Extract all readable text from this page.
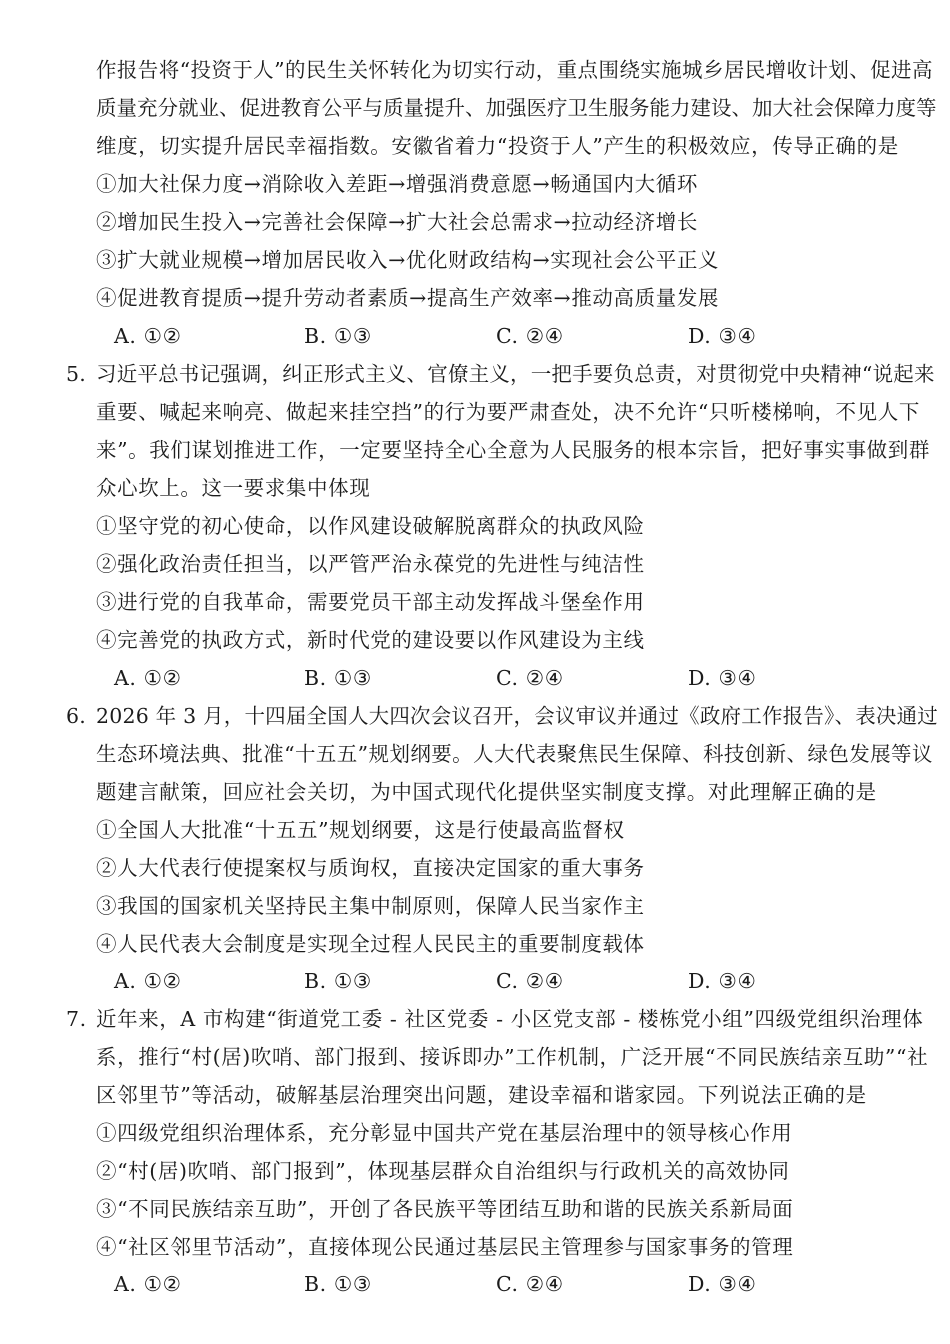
作报告将“投资于人”的民生关怀转化为切实行动，重点围绕实施城乡居民增收计划、促进高
质量充分就业、促进教育公平与质量提升、加强医疗卫生服务能力建设、加大社会保障力度等
维度，切实提升居民幸福指数。安徽省着力“投资于人”产生的积极效应，传导正确的是
①加大社保力度→消除收入差距→增强消费意愿→畅通国内大循环
②增加民生投入→完善社会保障→扩大社会总需求→拉动经济增长
③扩大就业规模→增加居民收入→优化财政结构→实现社会公平正义
④促进教育提质→提升劳动者素质→提高生产效率→推动高质量发展
A. ①②	B. ①③	C. ②④	D. ③④
5. 习近平总书记强调，纠正形式主义、官僚主义，一把手要负总责，对贯彻党中央精神“说起来
重要、喊起来响亮、做起来挂空挡”的行为要严肃查处，决不允许“只听楼梯响，不见人下
来”。我们谋划推进工作，一定要坚持全心全意为人民服务的根本宗旨，把好事实事做到群
众心坎上。这一要求集中体现
①坚守党的初心使命，以作风建设破解脱离群众的执政风险
②强化政治责任担当，以严管严治永葆党的先进性与纯洁性
③进行党的自我革命，需要党员干部主动发挥战斗堡垒作用
④完善党的执政方式，新时代党的建设要以作风建设为主线
A. ①②	B. ①③	C. ②④	D. ③④
6. 2026 年 3 月，十四届全国人大四次会议召开，会议审议并通过《政府工作报告》、表决通过
生态环境法典、批准“十五五”规划纲要。人大代表聚焦民生保障、科技创新、绿色发展等议
题建言献策，回应社会关切，为中国式现代化提供坚实制度支撑。对此理解正确的是
①全国人大批准“十五五”规划纲要，这是行使最高监督权
②人大代表行使提案权与质询权，直接决定国家的重大事务
③我国的国家机关坚持民主集中制原则，保障人民当家作主
④人民代表大会制度是实现全过程人民民主的重要制度载体
A. ①②	B. ①③	C. ②④	D. ③④
7. 近年来，A 市构建“街道党工委 - 社区党委 - 小区党支部 - 楼栋党小组”四级党组织治理体
系，推行“村(居)吹哨、部门报到、接诉即办”工作机制，广泛开展“不同民族结亲互助”“社
区邻里节”等活动，破解基层治理突出问题，建设幸福和谐家园。下列说法正确的是
①四级党组织治理体系，充分彰显中国共产党在基层治理中的领导核心作用
②“村(居)吹哨、部门报到”，体现基层群众自治组织与行政机关的高效协同
③“不同民族结亲互助”，开创了各民族平等团结互助和谐的民族关系新局面
④“社区邻里节活动”，直接体现公民通过基层民主管理参与国家事务的管理
A. ①②	B. ①③	C. ②④	D. ③④
